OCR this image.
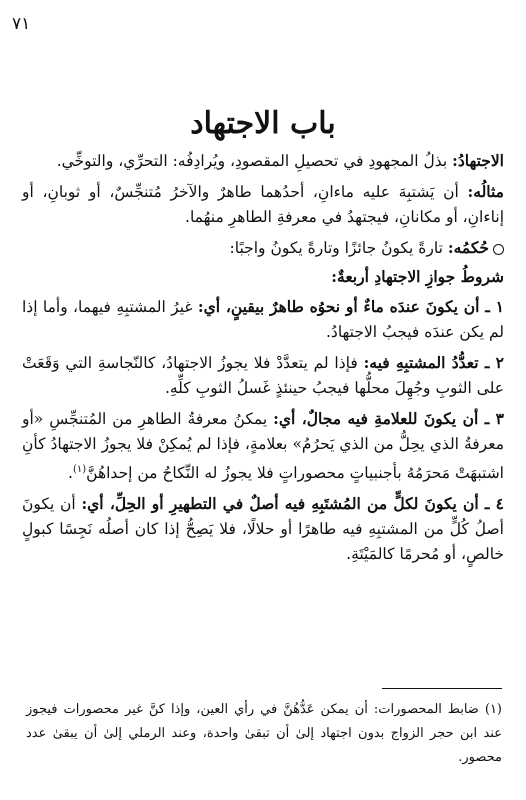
٧١
باب الاجتهاد

الاجتهادُ: بذلُ المجهودِ في تحصيلِ المقصودِ، ويُرادِفُه: التحرِّي، والتوخِّي.

مثالُه: أن يَشتبِهَ عليه ماءانِ، أحدُهما طاهرٌ والآخرُ مُتنجِّسٌ، أو ثوبانِ، أو إناءانِ، أو مكانانِ، فيجتهدُ في معرفةِ الطاهرِ منهُما.

حُكمُه: تارةً يكونُ جائزًا وتارةً يكونُ واجبًا:

شروطُ جوازِ الاجتهادِ أربعةٌ:

١ ـ أن يكونَ عندَه ماءٌ أو نحوُه طاهرٌ بيقينٍ، أي: غيرُ المشتبِهِ فيهما، وأما إذا لم يكن عندَه فيجبُ الاجتهادُ.

٢ ـ تعدُّدُ المشتبِهِ فيه: فإذا لم يتعدَّدْ فلا يجوزُ الاجتهادُ، كالنّجاسةِ التي وَقَعَتْ على الثوبِ وجُهِلَ محلُّها فيجبُ حينئذٍ غَسلُ الثوبِ كلِّهِ.

٣ ـ أن يكونَ للعلامةِ فيه مجالٌ، أي: يمكنُ معرفةُ الطاهرِ من المُتنجِّسِ «أو معرفةُ الذي يحِلُّ من الذي يَحرُمُ» بعلامةٍ، فإذا لم يُمكِنْ فلا يجوزُ الاجتهادُ كأنِ اشتبهَتْ مَحرَمُهُ بأجنبياتٍ محصوراتٍ فلا يجوزُ له النِّكاحُ من إحداهُنَّ$^{(١)}$.

٤ ـ أن يكونَ لكلٍّ من المُشتَبِهِ فيه أصلٌ في التطهيرِ أو الحِلِّ، أي: أن يكونَ أصلُ كُلٍّ من المشتبِهِ فيه طاهرًا أو حلالًا، فلا يَصِحُّ إذا كان أصلُه نَجِسًا كبولٍ خالصٍ، أو مُحرمًا كالمَيْتَةِ.

(١)ضابط المحصورات: أن يمكن عَدُّهُنَّ في رأي العين، وإذا كنَّ غير محصورات فيجوز عند ابن حجر الزواج بدون اجتهاد إلىٰ أن تبقىٰ واحدة، وعند الرملي إلىٰ أن يبقىٰ عدد محصور.
